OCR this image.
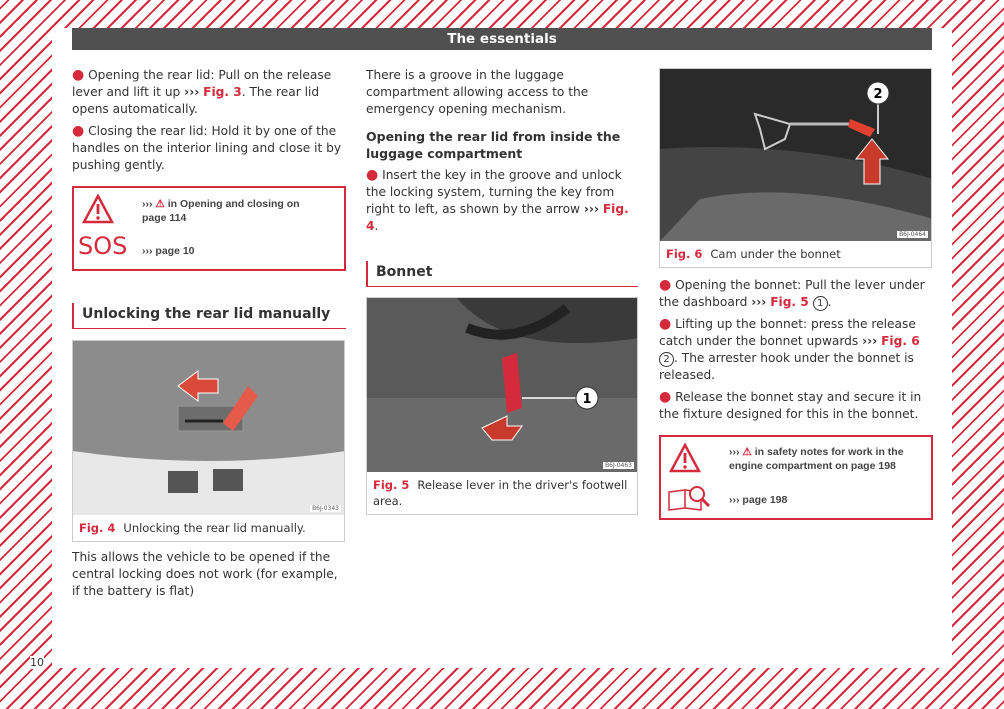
The essentials

● Opening the rear lid: Pull on the release lever and lift it up ››› Fig. 3. The rear lid opens automatically.

● Closing the rear lid: Hold it by one of the handles on the interior lining and close it by pushing gently.

››› ⚠ in Opening and closing on page 114
SOS ››› page 10
Unlocking the rear lid manually
B6J-0343
Fig. 4 Unlocking the rear lid manually.
This allows the vehicle to be opened if the central locking does not work (for example, if the battery is flat)

There is a groove in the luggage compartment allowing access to the emergency opening mechanism.

Opening the rear lid from inside the luggage compartment

● Insert the key in the groove and unlock the locking system, turning the key from right to left, as shown by the arrow ››› Fig. 4.

Bonnet
1
B6J-0463
Fig. 5 Release lever in the driver's footwell area.
2
B6J-0464
Fig. 6 Cam under the bonnet

● Opening the bonnet: Pull the lever under the dashboard ››› Fig. 5 1 .

● Lifting up the bonnet: press the release catch under the bonnet upwards ››› Fig. 6 2 . The arrester hook under the bonnet is released.

● Release the bonnet stay and secure it in the fixture designed for this in the bonnet.

››› ⚠ in safety notes for work in the engine compartment on page 198
››› page 198
10
